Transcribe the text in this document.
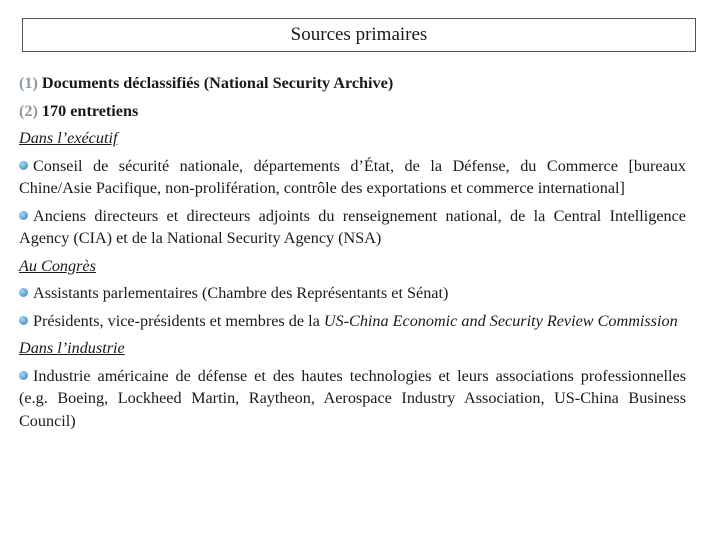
Sources primaires

(1) Documents déclassifiés (National Security Archive)

(2) 170 entretiens

Dans l’exécutif

Conseil de sécurité nationale, départements d’État, de la Défense, du Commerce [bureaux Chine/Asie Pacifique, non-prolifération, contrôle des exportations et commerce international]

Anciens directeurs et directeurs adjoints du renseignement national, de la Central Intelligence Agency (CIA) et de la National Security Agency (NSA)

Au Congrès

Assistants parlementaires (Chambre des Représentants et Sénat)

Présidents, vice-présidents et membres de la US-China Economic and Security Review Commission

Dans l’industrie

Industrie américaine de défense et des hautes technologies et leurs associations professionnelles (e.g. Boeing, Lockheed Martin, Raytheon, Aerospace Industry Association, US-China Business Council)
